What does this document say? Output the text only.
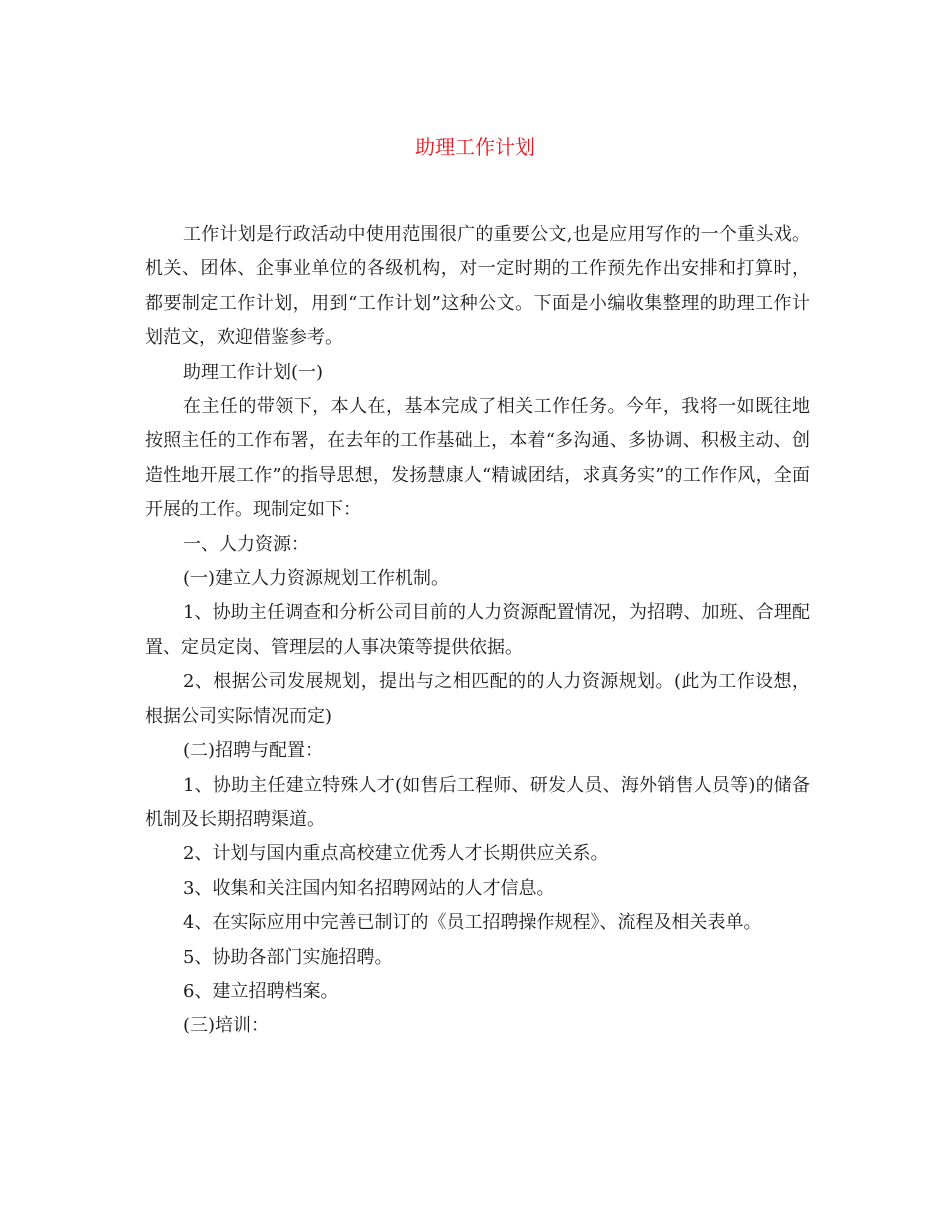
助理工作计划

工作计划是行政活动中使用范围很广的重要公文,也是应用写作的一个重头戏。机关、团体、企事业单位的各级机构，对一定时期的工作预先作出安排和打算时，都要制定工作计划，用到“工作计划”这种公文。下面是小编收集整理的助理工作计划范文，欢迎借鉴参考。

助理工作计划(一)

在主任的带领下，本人在，基本完成了相关工作任务。今年，我将一如既往地按照主任的工作布署，在去年的工作基础上，本着“多沟通、多协调、积极主动、创造性地开展工作”的指导思想，发扬慧康人“精诚团结，求真务实”的工作作风，全面开展的工作。现制定如下：

一、人力资源：

(一)建立人力资源规划工作机制。

1、协助主任调查和分析公司目前的人力资源配置情况，为招聘、加班、合理配置、定员定岗、管理层的人事决策等提供依据。

2、根据公司发展规划，提出与之相匹配的的人力资源规划。(此为工作设想，根据公司实际情况而定)

(二)招聘与配置：

1、协助主任建立特殊人才(如售后工程师、研发人员、海外销售人员等)的储备机制及长期招聘渠道。

2、计划与国内重点高校建立优秀人才长期供应关系。

3、收集和关注国内知名招聘网站的人才信息。

4、在实际应用中完善已制订的《员工招聘操作规程》、流程及相关表单。

5、协助各部门实施招聘。

6、建立招聘档案。

(三)培训：
